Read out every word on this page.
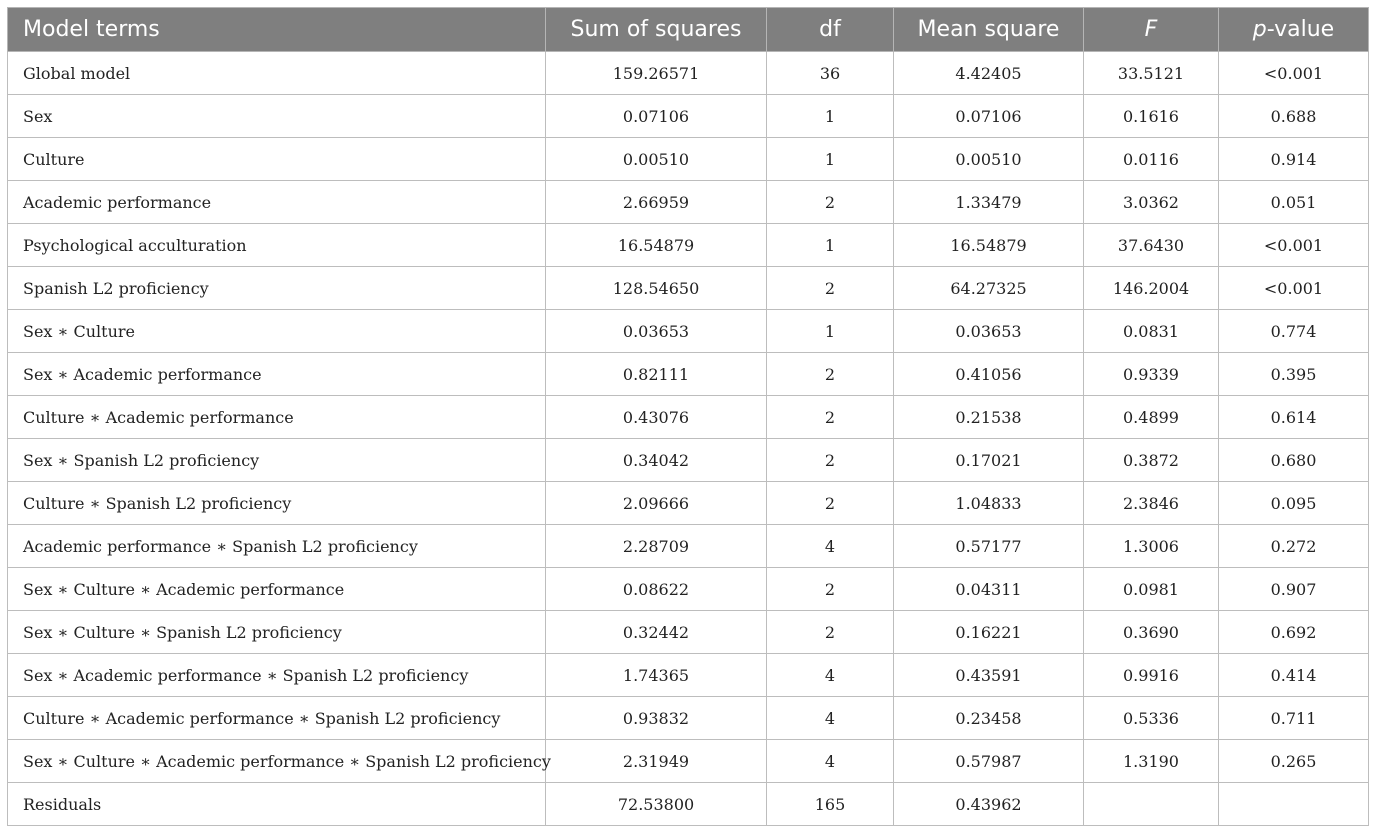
Model terms	Sum of squares	df	Mean square	F	p-value
Global model	159.26571	36	4.42405	33.5121	<0.001
Sex	0.07106	1	0.07106	0.1616	0.688
Culture	0.00510	1	0.00510	0.0116	0.914
Academic performance	2.66959	2	1.33479	3.0362	0.051
Psychological acculturation	16.54879	1	16.54879	37.6430	<0.001
Spanish L2 proficiency	128.54650	2	64.27325	146.2004	<0.001
Sex ∗ Culture	0.03653	1	0.03653	0.0831	0.774
Sex ∗ Academic performance	0.82111	2	0.41056	0.9339	0.395
Culture ∗ Academic performance	0.43076	2	0.21538	0.4899	0.614
Sex ∗ Spanish L2 proficiency	0.34042	2	0.17021	0.3872	0.680
Culture ∗ Spanish L2 proficiency	2.09666	2	1.04833	2.3846	0.095
Academic performance ∗ Spanish L2 proficiency	2.28709	4	0.57177	1.3006	0.272
Sex ∗ Culture ∗ Academic performance	0.08622	2	0.04311	0.0981	0.907
Sex ∗ Culture ∗ Spanish L2 proficiency	0.32442	2	0.16221	0.3690	0.692
Sex ∗ Academic performance ∗ Spanish L2 proficiency	1.74365	4	0.43591	0.9916	0.414
Culture ∗ Academic performance ∗ Spanish L2 proficiency	0.93832	4	0.23458	0.5336	0.711
Sex ∗ Culture ∗ Academic performance ∗ Spanish L2 proficiency	2.31949	4	0.57987	1.3190	0.265
Residuals	72.53800	165	0.43962		
